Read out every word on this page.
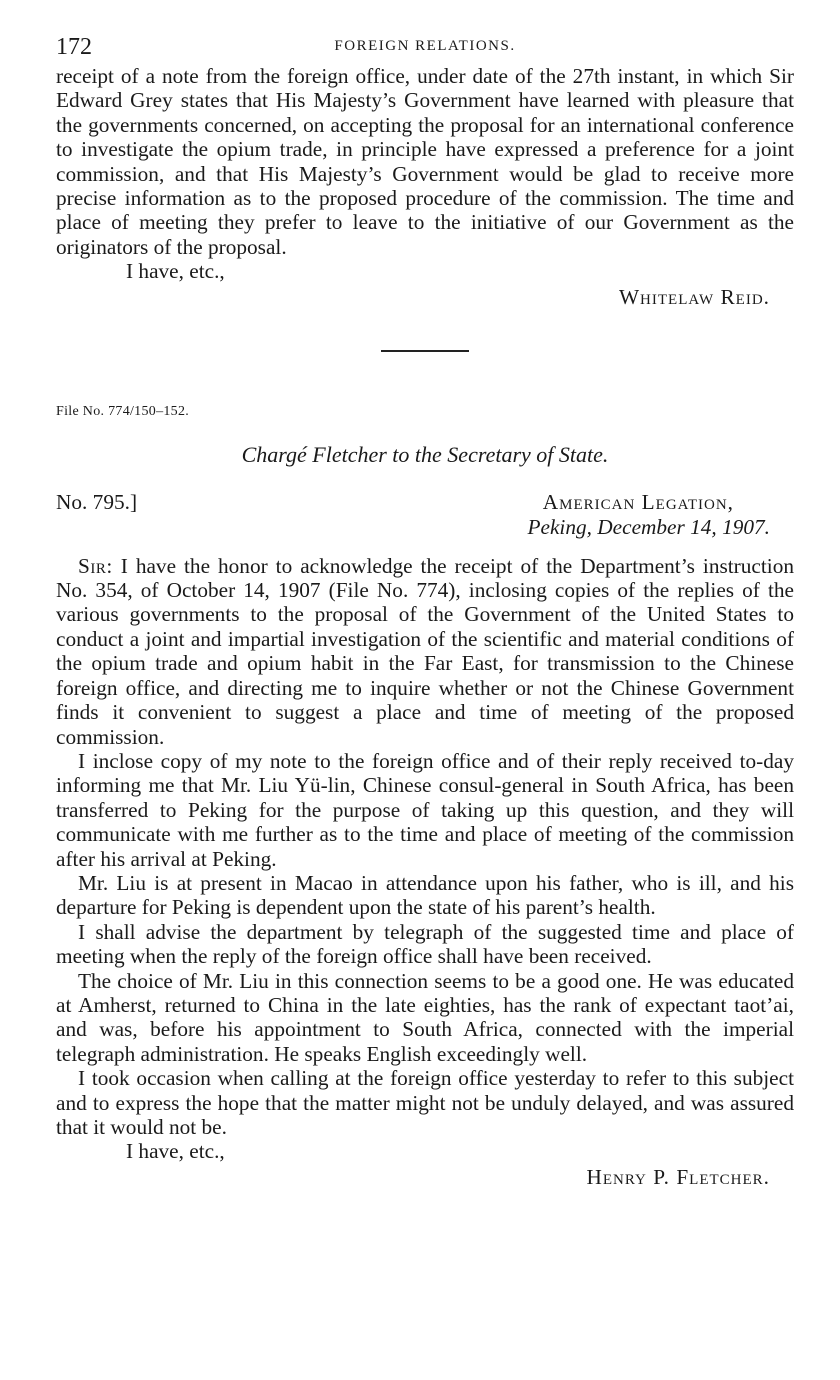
172	FOREIGN RELATIONS.

receipt of a note from the foreign office, under date of the 27th instant, in which Sir Edward Grey states that His Majesty’s Government have learned with pleasure that the governments concerned, on accepting the proposal for an international conference to investigate the opium trade, in principle have expressed a preference for a joint commission, and that His Majesty’s Government would be glad to receive more precise information as to the proposed procedure of the commission. The time and place of meeting they prefer to leave to the initiative of our Government as the originators of the proposal.

I have, etc.,

Whitelaw Reid.

File No. 774/150–152.

Chargé Fletcher to the Secretary of State.

No. 795.]	American Legation,
Peking, December 14, 1907.

Sir: I have the honor to acknowledge the receipt of the Department’s instruction No. 354, of October 14, 1907 (File No. 774), inclosing copies of the replies of the various governments to the proposal of the Government of the United States to conduct a joint and impartial investigation of the scientific and material conditions of the opium trade and opium habit in the Far East, for transmission to the Chinese foreign office, and directing me to inquire whether or not the Chinese Government finds it convenient to suggest a place and time of meeting of the proposed commission.

I inclose copy of my note to the foreign office and of their reply received to-day informing me that Mr. Liu Yü-lin, Chinese consul-general in South Africa, has been transferred to Peking for the purpose of taking up this question, and they will communicate with me further as to the time and place of meeting of the commission after his arrival at Peking.

Mr. Liu is at present in Macao in attendance upon his father, who is ill, and his departure for Peking is dependent upon the state of his parent’s health.

I shall advise the department by telegraph of the suggested time and place of meeting when the reply of the foreign office shall have been received.

The choice of Mr. Liu in this connection seems to be a good one. He was educated at Amherst, returned to China in the late eighties, has the rank of expectant taot’ai, and was, before his appointment to South Africa, connected with the imperial telegraph administration. He speaks English exceedingly well.

I took occasion when calling at the foreign office yesterday to refer to this subject and to express the hope that the matter might not be unduly delayed, and was assured that it would not be.

I have, etc.,

Henry P. Fletcher.
